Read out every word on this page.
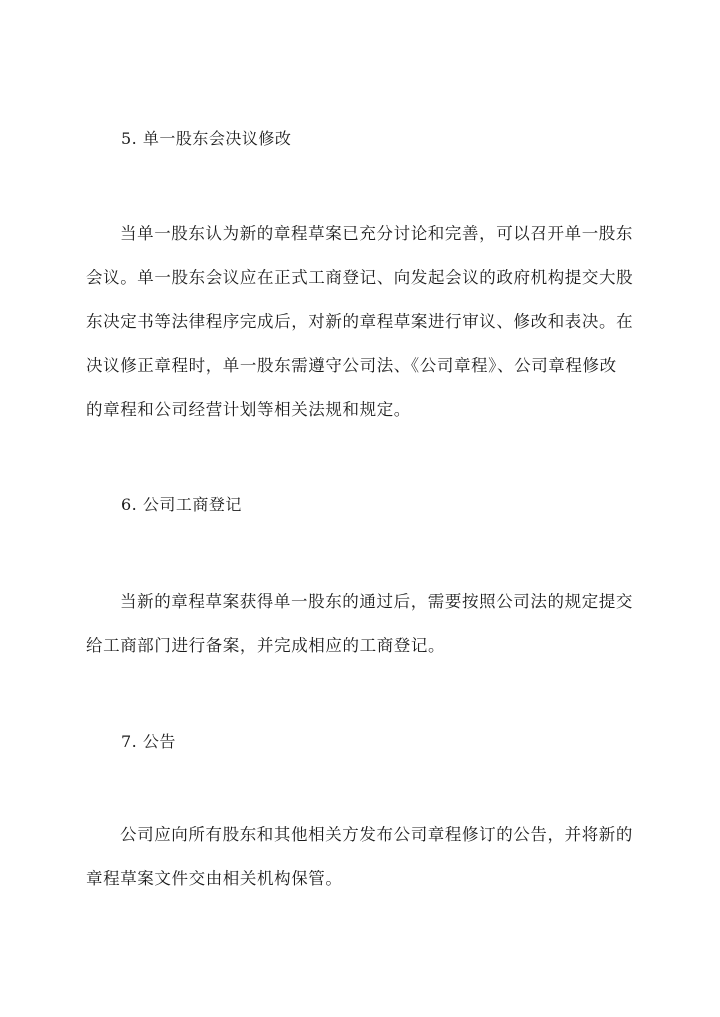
5. 单一股东会决议修改
当单一股东认为新的章程草案已充分讨论和完善，可以召开单一股东
会议。单一股东会议应在正式工商登记、向发起会议的政府机构提交大股
东决定书等法律程序完成后，对新的章程草案进行审议、修改和表决。在
决议修正章程时，单一股东需遵守公司法、《公司章程》、公司章程修改
的章程和公司经营计划等相关法规和规定。
6. 公司工商登记
当新的章程草案获得单一股东的通过后，需要按照公司法的规定提交
给工商部门进行备案，并完成相应的工商登记。
7. 公告
公司应向所有股东和其他相关方发布公司章程修订的公告，并将新的
章程草案文件交由相关机构保管。
